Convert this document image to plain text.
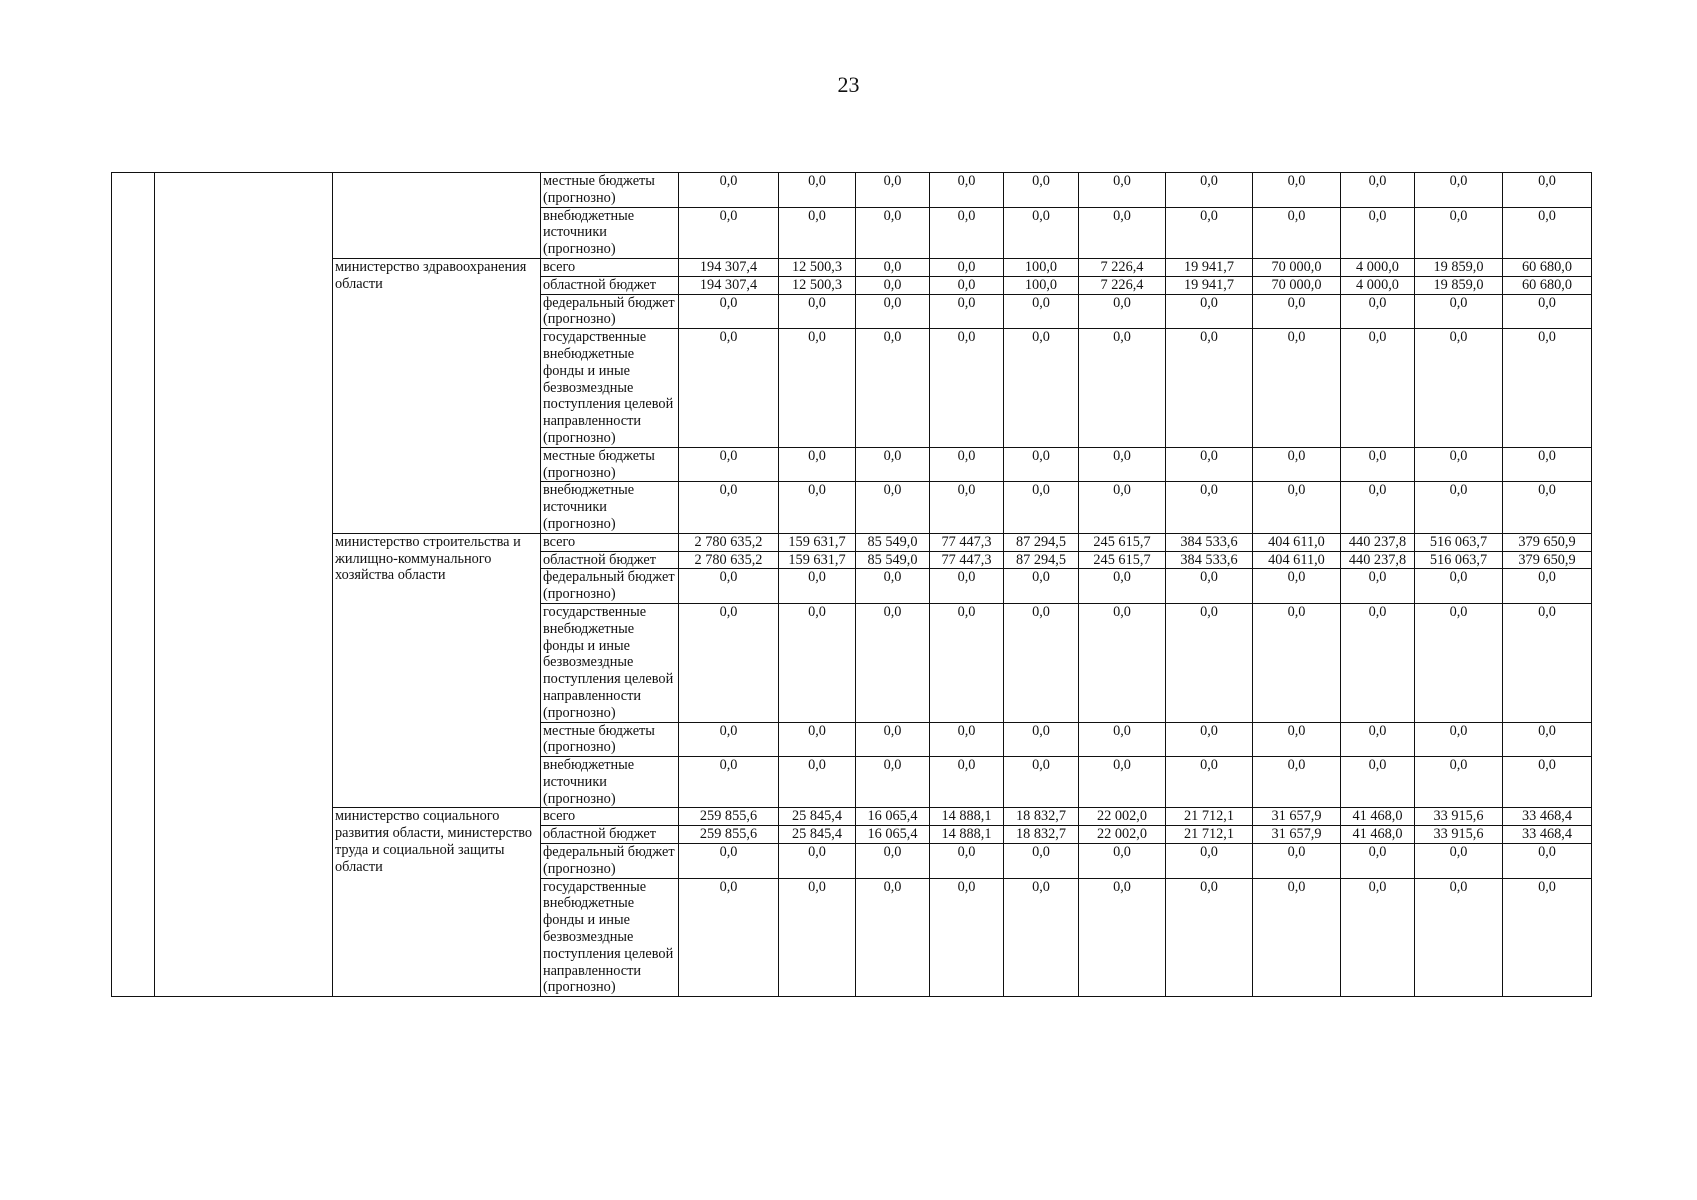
23
			местные бюджеты (прогнозно)	0,0	0,0	0,0	0,0	0,0	0,0	0,0	0,0	0,0	0,0	0,0
			внебюджетные источники (прогнозно)	0,0	0,0	0,0	0,0	0,0	0,0	0,0	0,0	0,0	0,0	0,0
		министерство здравоохранения области	всего	194 307,4	12 500,3	0,0	0,0	100,0	7 226,4	19 941,7	70 000,0	4 000,0	19 859,0	60 680,0
			областной бюджет	194 307,4	12 500,3	0,0	0,0	100,0	7 226,4	19 941,7	70 000,0	4 000,0	19 859,0	60 680,0
			федеральный бюджет (прогнозно)	0,0	0,0	0,0	0,0	0,0	0,0	0,0	0,0	0,0	0,0	0,0
			государственные внебюджетные фонды и иные безвозмездные поступления целевой направленности (прогнозно)	0,0	0,0	0,0	0,0	0,0	0,0	0,0	0,0	0,0	0,0	0,0
			местные бюджеты (прогнозно)	0,0	0,0	0,0	0,0	0,0	0,0	0,0	0,0	0,0	0,0	0,0
			внебюджетные источники (прогнозно)	0,0	0,0	0,0	0,0	0,0	0,0	0,0	0,0	0,0	0,0	0,0
		министерство строительства и жилищно-коммунального хозяйства области	всего	2 780 635,2	159 631,7	85 549,0	77 447,3	87 294,5	245 615,7	384 533,6	404 611,0	440 237,8	516 063,7	379 650,9
			областной бюджет	2 780 635,2	159 631,7	85 549,0	77 447,3	87 294,5	245 615,7	384 533,6	404 611,0	440 237,8	516 063,7	379 650,9
			федеральный бюджет (прогнозно)	0,0	0,0	0,0	0,0	0,0	0,0	0,0	0,0	0,0	0,0	0,0
			государственные внебюджетные фонды и иные безвозмездные поступления целевой направленности (прогнозно)	0,0	0,0	0,0	0,0	0,0	0,0	0,0	0,0	0,0	0,0	0,0
			местные бюджеты (прогнозно)	0,0	0,0	0,0	0,0	0,0	0,0	0,0	0,0	0,0	0,0	0,0
			внебюджетные источники (прогнозно)	0,0	0,0	0,0	0,0	0,0	0,0	0,0	0,0	0,0	0,0	0,0
		министерство социального развития области, министерство труда и социальной защиты области	всего	259 855,6	25 845,4	16 065,4	14 888,1	18 832,7	22 002,0	21 712,1	31 657,9	41 468,0	33 915,6	33 468,4
			областной бюджет	259 855,6	25 845,4	16 065,4	14 888,1	18 832,7	22 002,0	21 712,1	31 657,9	41 468,0	33 915,6	33 468,4
			федеральный бюджет (прогнозно)	0,0	0,0	0,0	0,0	0,0	0,0	0,0	0,0	0,0	0,0	0,0
			государственные внебюджетные фонды и иные безвозмездные поступления целевой направленности (прогнозно)	0,0	0,0	0,0	0,0	0,0	0,0	0,0	0,0	0,0	0,0	0,0
